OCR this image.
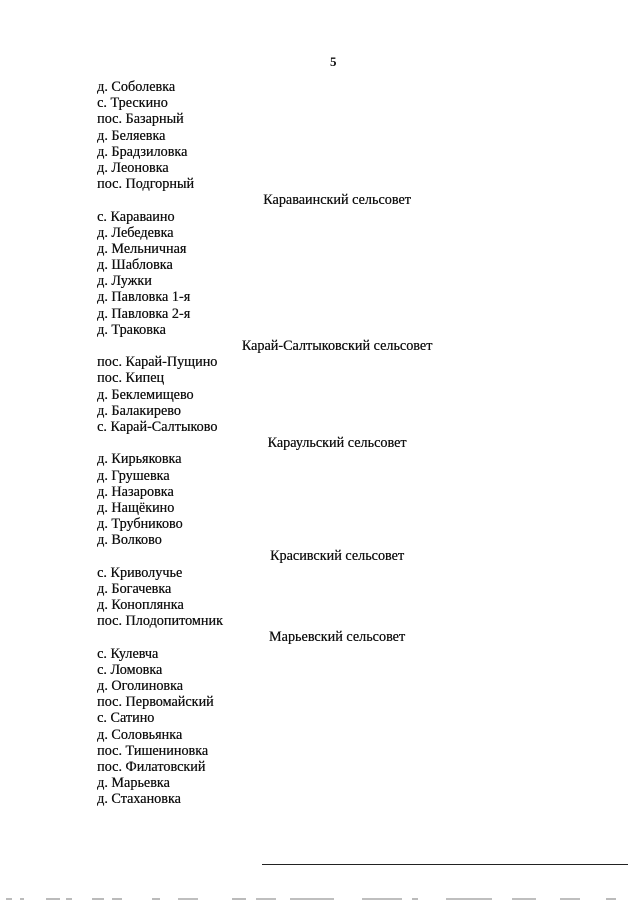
5
д. Соболевка
с. Трескино
пос. Базарный
д. Беляевка
д. Брадзиловка
д. Леоновка
пос. Подгорный
Караваинский сельсовет
с. Караваино
д. Лебедевка
д. Мельничная
д. Шабловка
д. Лужки
д. Павловка 1-я
д. Павловка 2-я
д. Траковка
Карай-Салтыковский сельсовет
пос. Карай-Пущино
пос. Кипец
д. Беклемищево
д. Балакирево
с. Карай-Салтыково
Караульский сельсовет
д. Кирьяковка
д. Грушевка
д. Назаровка
д. Нащёкино
д. Трубниково
д. Волково
Красивский сельсовет
с. Криволучье
д. Богачевка
д. Коноплянка
пос. Плодопитомник
Марьевский сельсовет
с. Кулевча
с. Ломовка
д. Оголиновка
пос. Первомайский
с. Сатино
д. Соловьянка
пос. Тишениновка
пос. Филатовский
д. Марьевка
д. Стахановка
